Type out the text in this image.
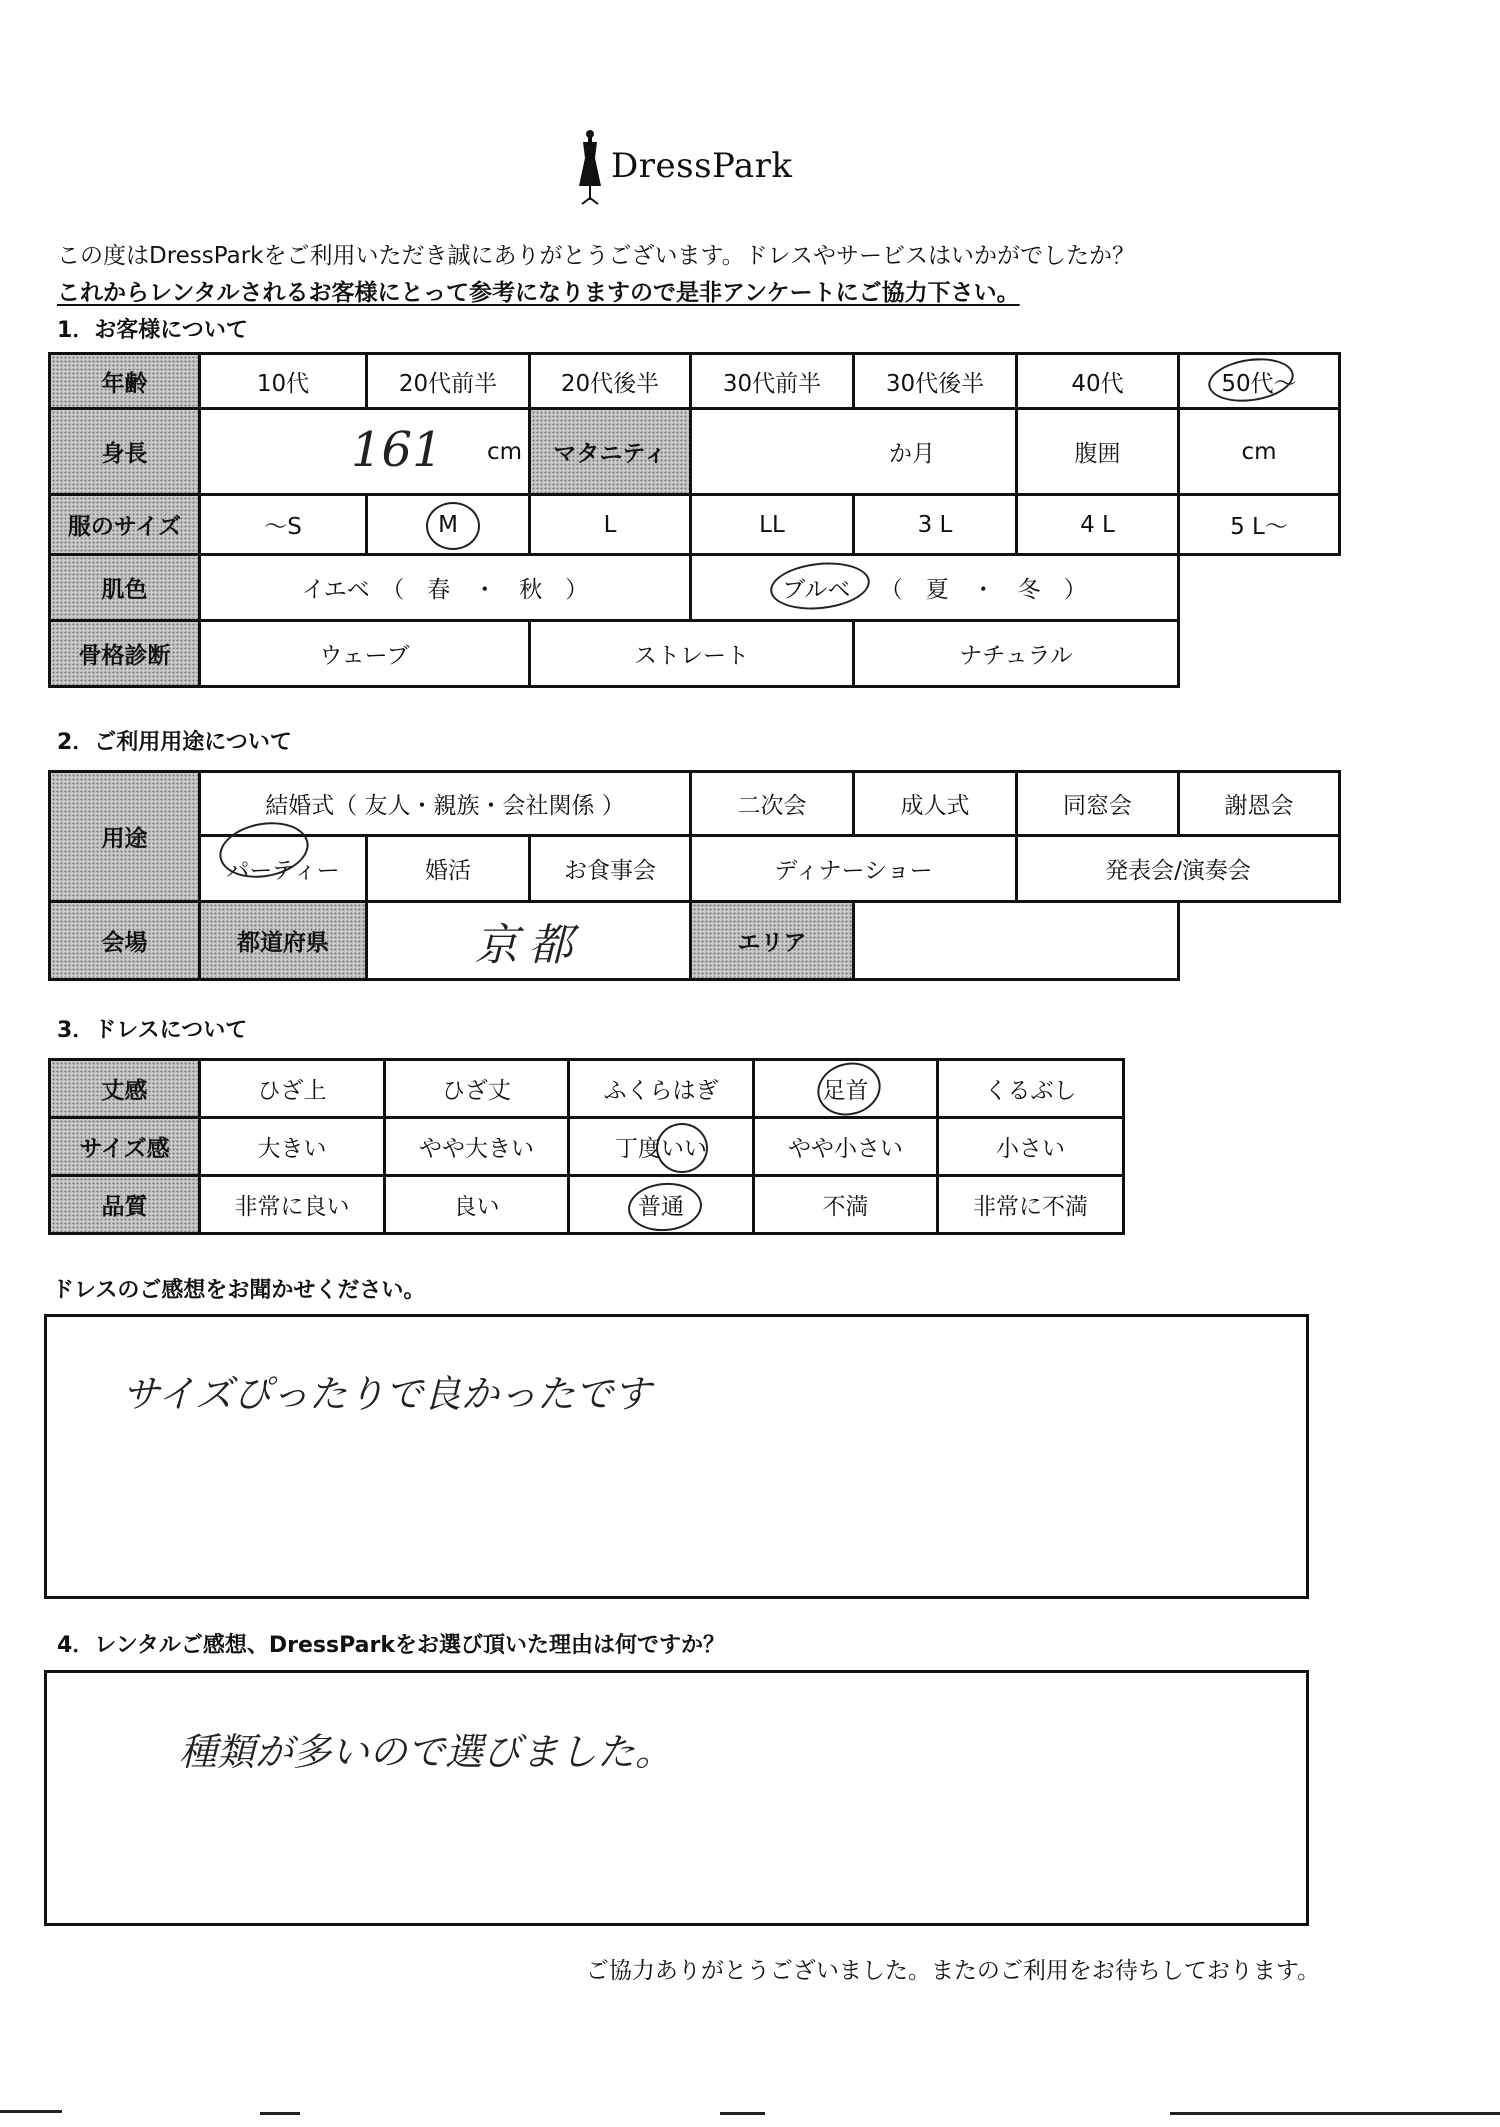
DressPark
この度はDressParkをご利用いただき誠にありがとうございます。ドレスやサービスはいかがでしたか？
これからレンタルされるお客様にとって参考になりますので是非アンケートにご協力下さい。
1．お客様について
年齢	10代	20代前半	20代後半	30代前半	30代後半	40代	50代～

身長	161 cm		マタニティ	か月		腹囲	cm
服のサイズ	～S	M	L	LL	3 L	4 L	5 L～
肌色	イエベ　（　春　・　秋　）			ブルベ （　夏　・　冬　）			
骨格診断	ウェーブ		ストレート		ナチュラル		
2．ご利用用途について
用途	結婚式（ 友人・親族・会社関係 ）			二次会	成人式	同窓会	謝恩会
	パーティー	婚活	お食事会	ディナーショー		発表会/演奏会	
会場	都道府県	京都		エリア			
3．ドレスについて
丈感	ひざ上	ひざ丈	ふくらはぎ	足首	くるぶし
サイズ感	大きい	やや大きい	丁度いい	やや小さい	小さい
品質	非常に良い	良い	普通	不満	非常に不満
ドレスのご感想をお聞かせください。
サイズぴったりで良かったです
4．レンタルご感想、DressParkをお選び頂いた理由は何ですか？
種類が多いので選びました。
ご協力ありがとうございました。またのご利用をお待ちしております。
